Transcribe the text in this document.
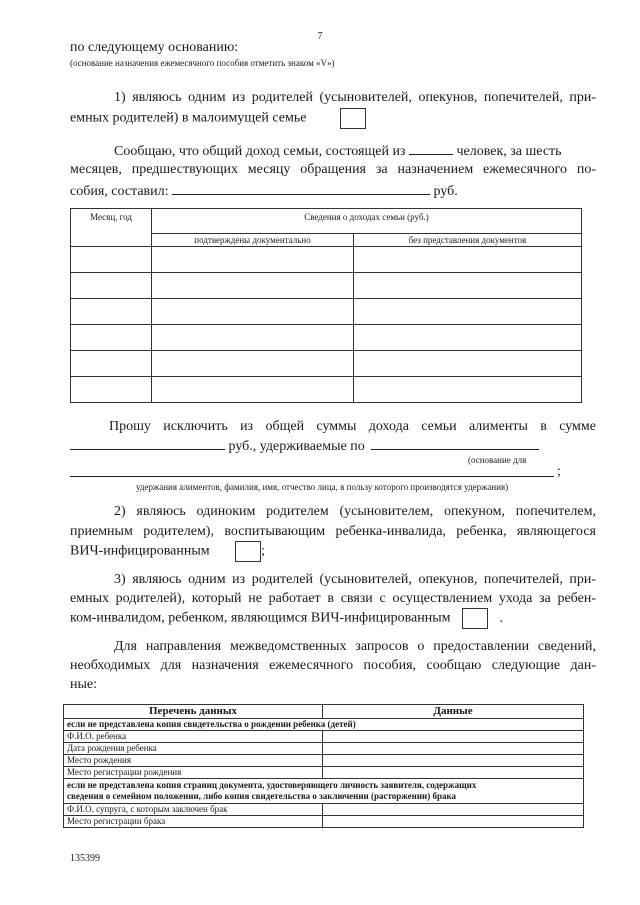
7
по следующему основанию:
(основание назначения ежемесячного пособия отметить знаком «V»)
1) являюсь одним из родителей (усыновителей, опекунов, попечителей, при-
емных родителей) в малоимущей семье
Сообщаю, что общий доход семьи, состоящей из	человек, за шесть
месяцев, предшествующих месяцу обращения за назначением ежемесячного по-
собия, составил:	руб.
Месяц, год	Сведения о доходах семьи (руб.)	
	подтверждены документально	без представления документов

Прошу исключить из общей суммы дохода семьи алименты в сумме
руб., удерживаемые по
(основание для
;
удержания алиментов, фамилия, имя, отчество лица, в пользу которого производятся удержания)
2) являюсь одиноким родителем (усыновителем, опекуном, попечителем,
приемным родителем), воспитывающим ребенка-инвалида, ребенка, являющегося
ВИЧ-инфицированным	;
3) являюсь одним из родителей (усыновителей, опекунов, попечителей, при-
емных родителей), который не работает в связи с осуществлением ухода за ребен-
ком-инвалидом, ребенком, являющимся ВИЧ-инфицированным	.
Для направления межведомственных запросов о предоставлении сведений,
необходимых для назначения ежемесячного пособия, сообщаю следующие дан-
ные:
Перечень данных	Данные
если не представлена копия свидетельства о рождении ребенка (детей)	
Ф.И.О. ребенка	
Дата рождения ребенка	
Место рождения	
Место регистрации рождения	

если не представлена копия страниц документа, удостоверяющего личность заявителя, содержащих
сведения о семейном положении, либо копия свидетельства о заключении (расторжении) брака	

Ф.И.О. супруга, с которым заключен брак	
Место регистрации брака	
135399
